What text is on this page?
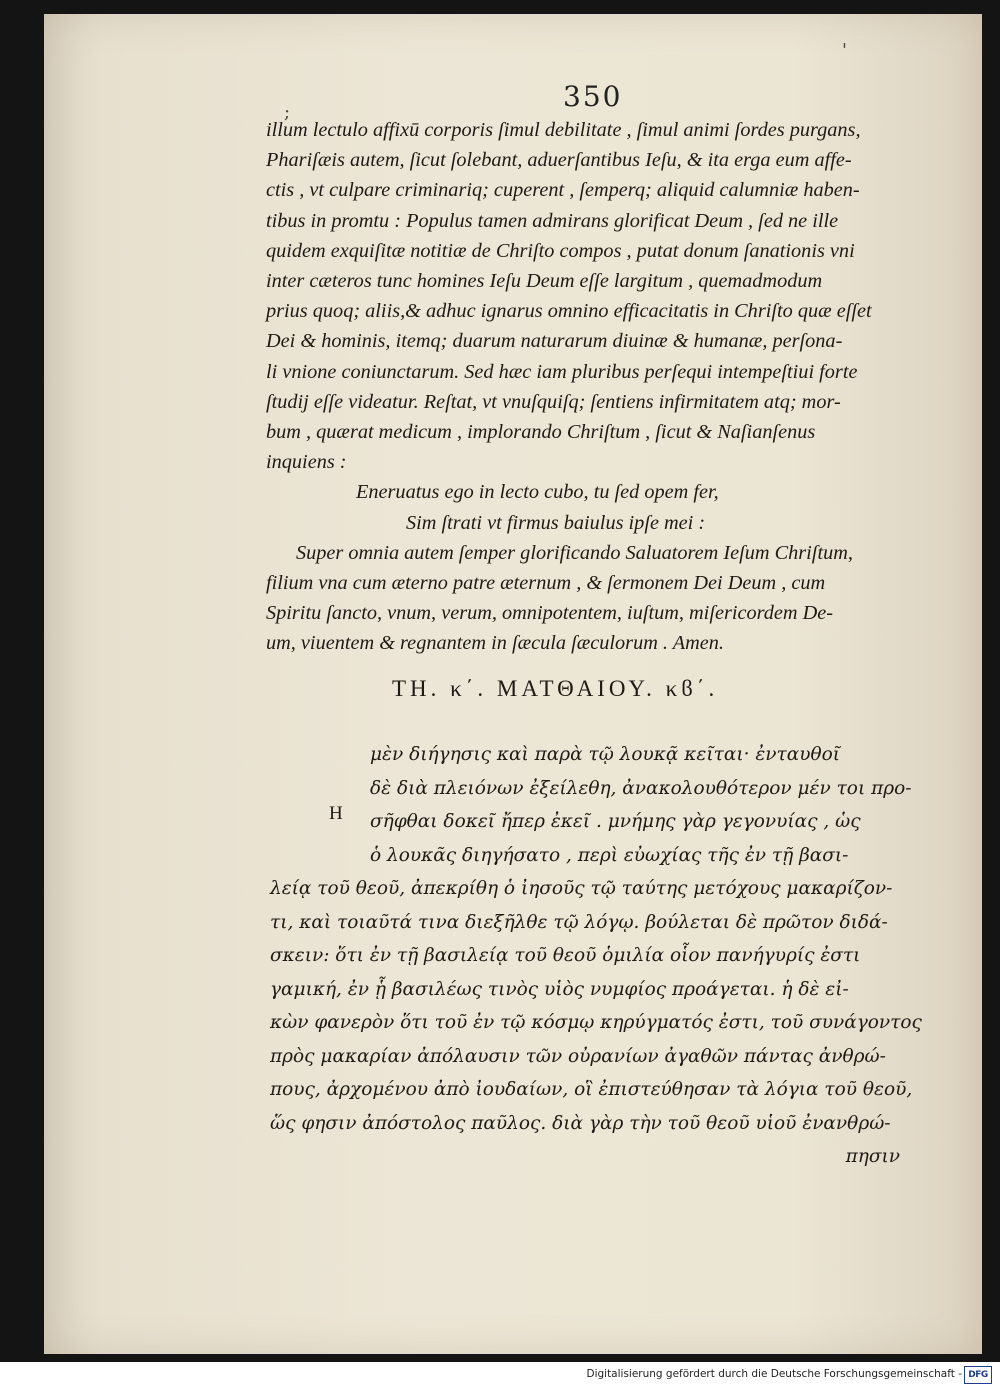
;
'
350

illum lectulo affixū corporis ſimul debilitate , ſimul animi ſordes purgans,

Phariſæis autem, ſicut ſolebant, aduerſantibus Ieſu, & ita erga eum affe-

ctis , vt culpare criminariq; cuperent , ſemperq; aliquid calumniæ haben-

tibus in promtu : Populus tamen admirans glorificat Deum , ſed ne ille

quidem exquiſitæ notitiæ de Chriſto compos , putat donum ſanationis vni

inter cæteros tunc homines Ieſu Deum eſſe largitum , quemadmodum

prius quoq; aliis,& adhuc ignarus omnino efficacitatis in Chriſto quæ eſſet

Dei & hominis, itemq; duarum naturarum diuinæ & humanæ, perſona-

li vnione coniunctarum. Sed hæc iam pluribus perſequi intempeſtiui forte

ſtudij eſſe videatur. Reſtat, vt vnuſquiſq; ſentiens infirmitatem atq; mor-

bum , quærat medicum , implorando Chriſtum , ſicut & Naſianſenus

inquiens :

Eneruatus ego in lecto cubo, tu ſed opem fer,

Sim ſtrati vt firmus baiulus ipſe mei :

Super omnia autem ſemper glorificando Saluatorem Ieſum Chriſtum,

filium vna cum æterno patre æternum , & ſermonem Dei Deum , cum

Spiritu ſancto, vnum, verum, omnipotentem, iuſtum, miſericordem De-

um, viuentem & regnantem in ſæcula ſæculorum . Amen.

ΤΗ. κ΄. ΜΑΤΘΑΙΟΥ. κϐ΄.
Η

μὲν διήγησις καὶ παρὰ τῷ λουκᾷ κεῖται· ἐνταυθοῖ

δὲ διὰ πλειόνων ἐξείλεθη, ἀνακολουθότερον μέν τοι προ-

σῆφθαι δοκεῖ ἤπερ ἐκεῖ . μνήμης γὰρ γεγονυίας , ὡς

ὁ λουκᾶς διηγήσατο , περὶ εὐωχίας τῆς ἐν τῇ βασι-

λείᾳ τοῦ θεοῦ, ἀπεκρίθη ὁ ἰησοῦς τῷ ταύτης μετόχους μακαρίζον-

τι, καὶ τοιαῦτά τινα διεξῆλθε τῷ λόγῳ. βούλεται δὲ πρῶτον διδά-

σκειν: ὅτι ἐν τῇ βασιλείᾳ τοῦ θεοῦ ὁμιλία οἷον πανήγυρίς ἐστι

γαμική, ἐν ᾗ βασιλέως τινὸς υἱὸς νυμφίος προάγεται. ἡ δὲ εἰ-

κὼν φανερὸν ὅτι τοῦ ἐν τῷ κόσμῳ κηρύγματός ἐστι, τοῦ συνάγοντος

πρὸς μακαρίαν ἀπόλαυσιν τῶν οὐρανίων ἀγαθῶν πάντας ἀνθρώ-

πους, ἀρχομένου ἀπὸ ἰουδαίων, οἳ ἐπιστεύθησαν τὰ λόγια τοῦ θεοῦ,

ὥς φησιν ἀπόστολος παῦλος. διὰ γὰρ τὴν τοῦ θεοῦ υἱοῦ ἐνανθρώ-

πησιν

Digitalisierung gefördert durch die Deutsche Forschungsgemeinschaft - DFG
